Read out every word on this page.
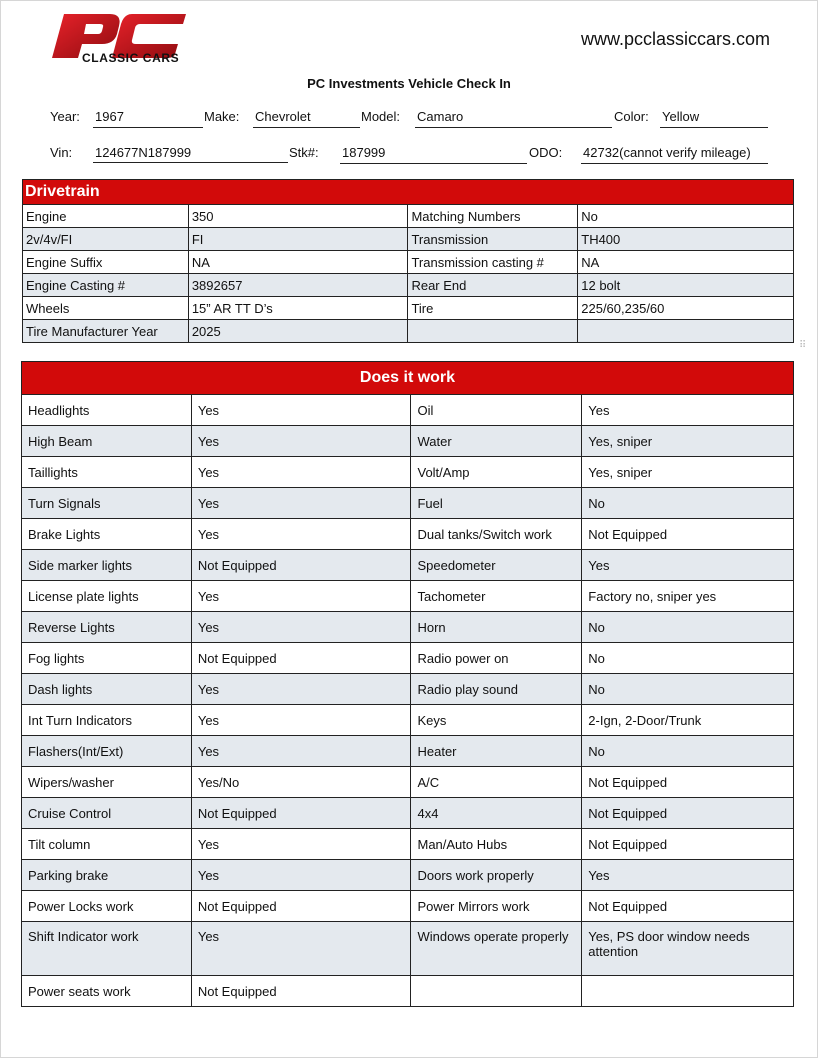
CLASSIC CARS
www.pcclassiccars.com
PC Investments Vehicle Check In
Year: 1967	Make: Chevrolet	Model: Camaro	Color: Yellow
Vin: 124677N187999	Stk#: 187999	ODO: 42732(cannot verify mileage)
Drivetrain			
Engine	350	Matching Numbers	No
2v/4v/FI	FI	Transmission	TH400
Engine Suffix	NA	Transmission casting #	NA
Engine Casting #	3892657	Rear End	12 bolt
Wheels	15” AR TT D’s	Tire	225/60,235/60
Tire Manufacturer Year	2025		
⠿
Does it work			
Headlights	Yes	Oil	Yes
High Beam	Yes	Water	Yes, sniper
Taillights	Yes	Volt/Amp	Yes, sniper
Turn Signals	Yes	Fuel	No
Brake Lights	Yes	Dual tanks/Switch work	Not Equipped
Side marker lights	Not Equipped	Speedometer	Yes
License plate lights	Yes	Tachometer	Factory no, sniper yes
Reverse Lights	Yes	Horn	No
Fog lights	Not Equipped	Radio power on	No
Dash lights	Yes	Radio play sound	No
Int Turn Indicators	Yes	Keys	2-Ign, 2-Door/Trunk
Flashers(Int/Ext)	Yes	Heater	No
Wipers/washer	Yes/No	A/C	Not Equipped
Cruise Control	Not Equipped	4x4	Not Equipped
Tilt column	Yes	Man/Auto Hubs	Not Equipped
Parking brake	Yes	Doors work properly	Yes
Power Locks work	Not Equipped	Power Mirrors work	Not Equipped
Shift Indicator work	Yes	Windows operate properly	Yes, PS door window needs attention
Power seats work	Not Equipped		
